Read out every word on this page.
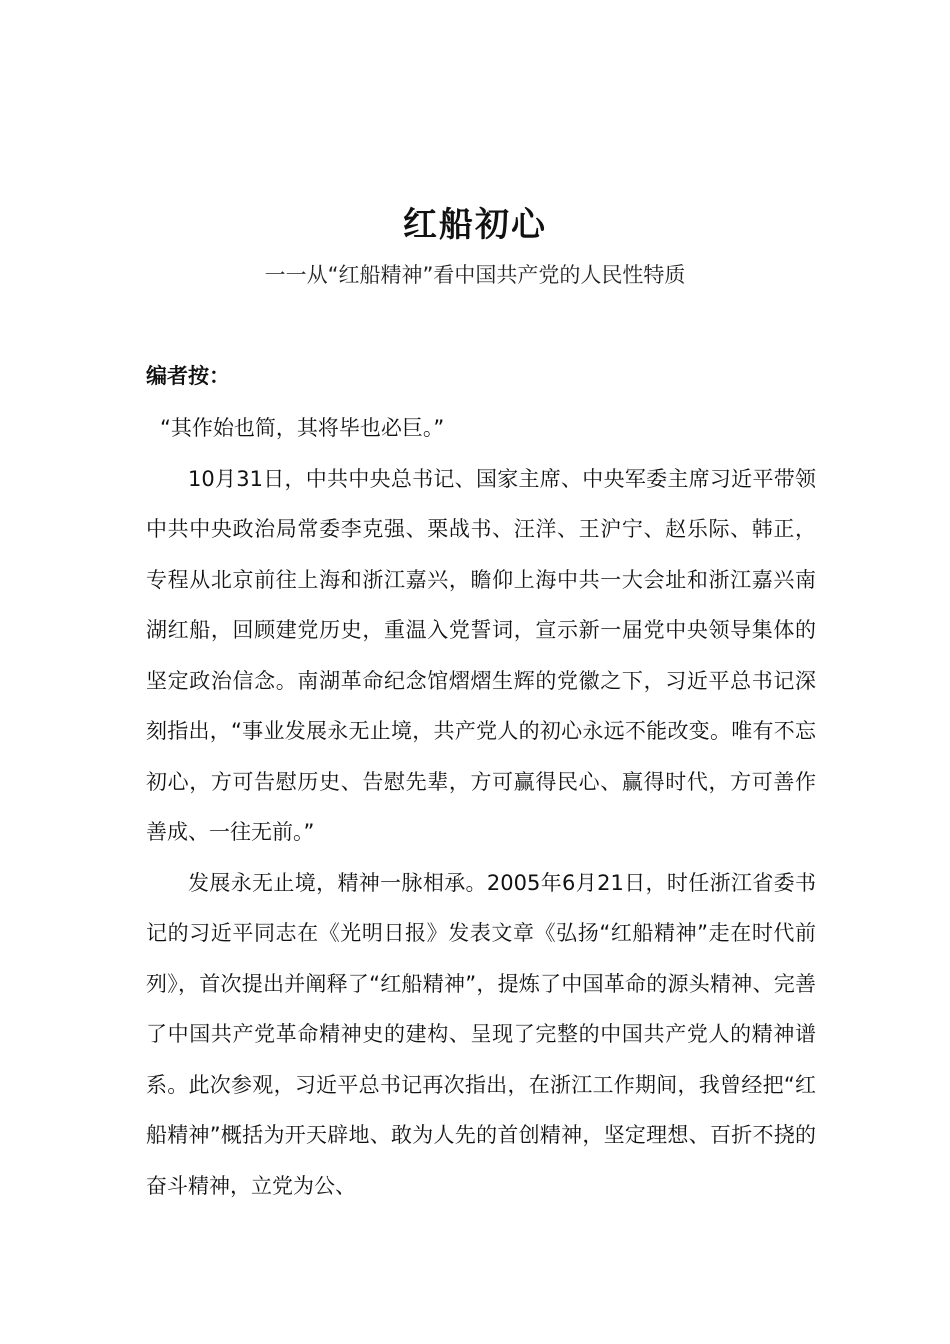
红船初心
一一从“红船精神”看中国共产党的人民性特质
编者按：

“其作始也简，其将毕也必巨。”

10月31日，中共中央总书记、国家主席、中央军委主席习近平带领中共中央政治局常委李克强、栗战书、汪洋、王沪宁、赵乐际、韩正，专程从北京前往上海和浙江嘉兴，瞻仰上海中共一大会址和浙江嘉兴南湖红船，回顾建党历史，重温入党誓词，宣示新一届党中央领导集体的坚定政治信念。南湖革命纪念馆熠熠生辉的党徽之下，习近平总书记深刻指出，“事业发展永无止境，共产党人的初心永远不能改变。唯有不忘初心，方可告慰历史、告慰先辈，方可赢得民心、赢得时代，方可善作善成、一往无前。”

发展永无止境，精神一脉相承。2005年6月21日，时任浙江省委书记的习近平同志在《光明日报》发表文章《弘扬“红船精神”走在时代前列》，首次提出并阐释了“红船精神”，提炼了中国革命的源头精神、完善了中国共产党革命精神史的建构、呈现了完整的中国共产党人的精神谱系。此次参观，习近平总书记再次指出，在浙江工作期间，我曾经把“红船精神”概括为开天辟地、敢为人先的首创精神，坚定理想、百折不挠的奋斗精神，立党为公、
